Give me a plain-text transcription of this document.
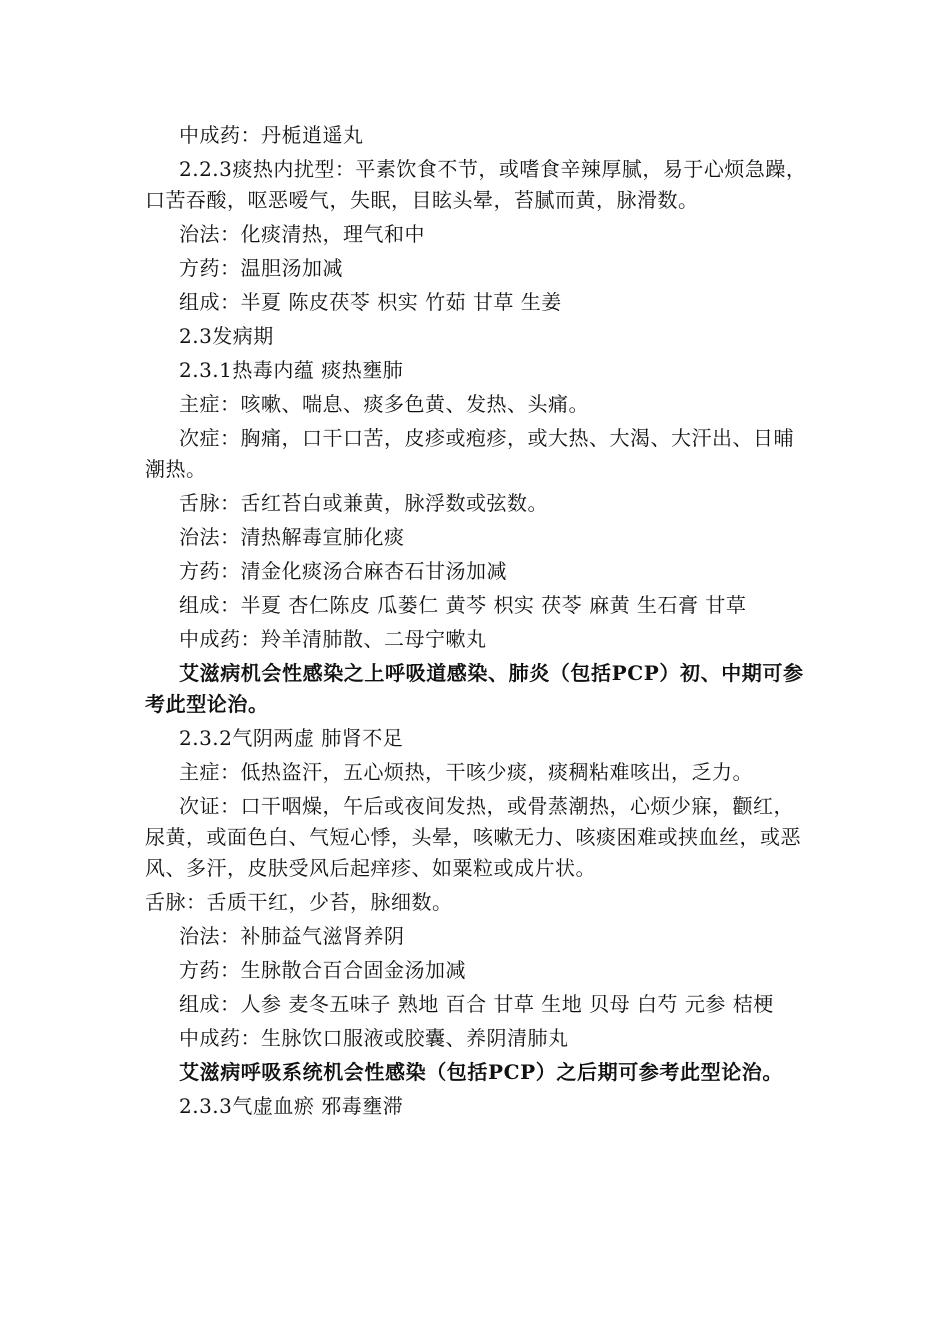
中成药：丹栀逍遥丸

2.2.3痰热内扰型：平素饮食不节，或嗜食辛辣厚腻，易于心烦急躁，口苦吞酸，呕恶嗳气，失眠，目眩头晕，苔腻而黄，脉滑数。

治法：化痰清热，理气和中

方药：温胆汤加减

组成：半夏 陈皮茯苓 枳实 竹茹 甘草 生姜

2.3发病期

2.3.1热毒内蕴 痰热壅肺

主症：咳嗽、喘息、痰多色黄、发热、头痛。

次症：胸痛，口干口苦，皮疹或疱疹，或大热、大渴、大汗出、日晡潮热。

舌脉：舌红苔白或兼黄，脉浮数或弦数。

治法：清热解毒宣肺化痰

方药：清金化痰汤合麻杏石甘汤加减

组成：半夏 杏仁陈皮 瓜蒌仁 黄芩 枳实 茯苓 麻黄 生石膏 甘草

中成药：羚羊清肺散、二母宁嗽丸

艾滋病机会性感染之上呼吸道感染、肺炎（包括PCP）初、中期可参考此型论治。

2.3.2气阴两虚 肺肾不足

主症：低热盗汗，五心烦热，干咳少痰，痰稠粘难咳出，乏力。

次证：口干咽燥，午后或夜间发热，或骨蒸潮热，心烦少寐，颧红，尿黄，或面色白、气短心悸，头晕，咳嗽无力、咳痰困难或挟血丝，或恶风、多汗，皮肤受风后起痒疹、如粟粒或成片状。

舌脉：舌质干红，少苔，脉细数。

治法：补肺益气滋肾养阴

方药：生脉散合百合固金汤加减

组成：人参 麦冬五味子 熟地 百合 甘草 生地 贝母 白芍 元参 桔梗

中成药：生脉饮口服液或胶囊、养阴清肺丸

艾滋病呼吸系统机会性感染（包括PCP）之后期可参考此型论治。

2.3.3气虚血瘀 邪毒壅滞
